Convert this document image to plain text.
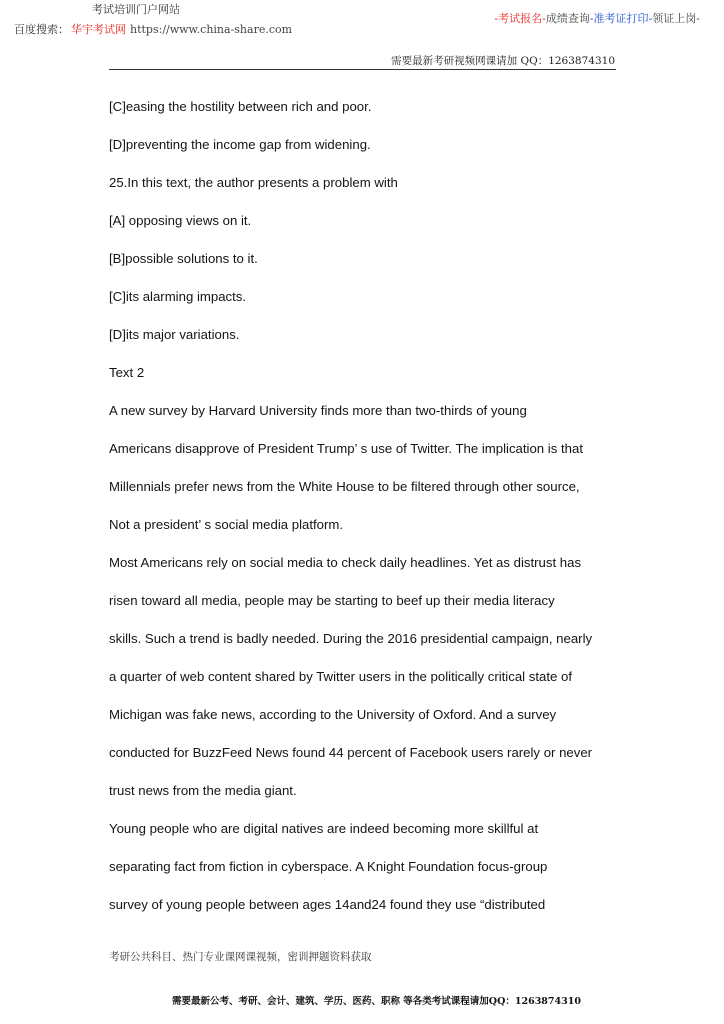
考试培训门户网站
百度搜索： 华宇考试网 https://www.china-share.com
-考试报名-成绩查询-准考证打印-领证上岗-
需要最新考研视频网课请加 QQ：1263874310
[C]easing the hostility between rich and poor.
[D]preventing the income gap from widening.
25.In this text, the author presents a problem with
[A] opposing views on it.
[B]possible solutions to it.
[C]its alarming impacts.
[D]its major variations.
Text 2
A new survey by Harvard University finds more than two-thirds of young
Americans disapprove of President Trump’ s use of Twitter. The implication is that
Millennials prefer news from the White House to be filtered through other source,
Not a president’ s social media platform.
Most Americans rely on social media to check daily headlines. Yet as distrust has
risen toward all media, people may be starting to beef up their media literacy
skills. Such a trend is badly needed. During the 2016 presidential campaign, nearly
a quarter of web content shared by Twitter users in the politically critical state of
Michigan was fake news, according to the University of Oxford. And a survey
conducted for BuzzFeed News found 44 percent of Facebook users rarely or never
trust news from the media giant.
Young people who are digital natives are indeed becoming more skillful at
separating fact from fiction in cyberspace. A Knight Foundation focus-group
survey of young people between ages 14and24 found they use “distributed
考研公共科目、热门专业课网课视频，密训押题资料获取
需要最新公考、考研、会计、建筑、学历、医药、职称 等各类考试课程请加QQ：1263874310
